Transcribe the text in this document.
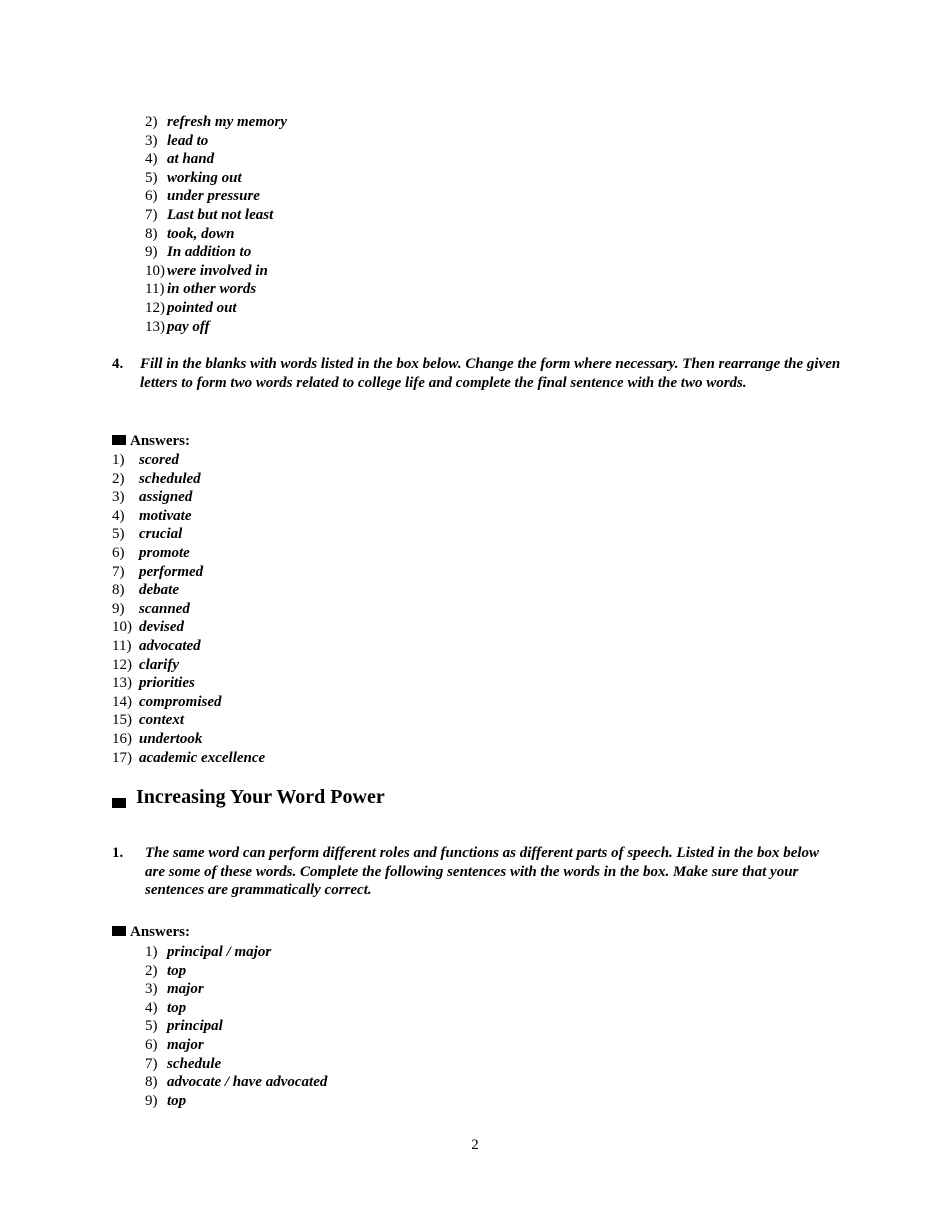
2) refresh my memory
3) lead to
4) at hand
5) working out
6) under pressure
7) Last but not least
8) took, down
9) In addition to
10) were involved in
11) in other words
12) pointed out
13) pay off
4. Fill in the blanks with words listed in the box below. Change the form where necessary. Then rearrange the given letters to form two words related to college life and complete the final sentence with the two words.
Answers:
1) scored
2) scheduled
3) assigned
4) motivate
5) crucial
6) promote
7) performed
8) debate
9) scanned
10) devised
11) advocated
12) clarify
13) priorities
14) compromised
15) context
16) undertook
17) academic excellence
Increasing Your Word Power
1. The same word can perform different roles and functions as different parts of speech. Listed in the box below are some of these words. Complete the following sentences with the words in the box. Make sure that your sentences are grammatically correct.
Answers:
1) principal / major
2) top
3) major
4) top
5) principal
6) major
7) schedule
8) advocate / have advocated
9) top
2
